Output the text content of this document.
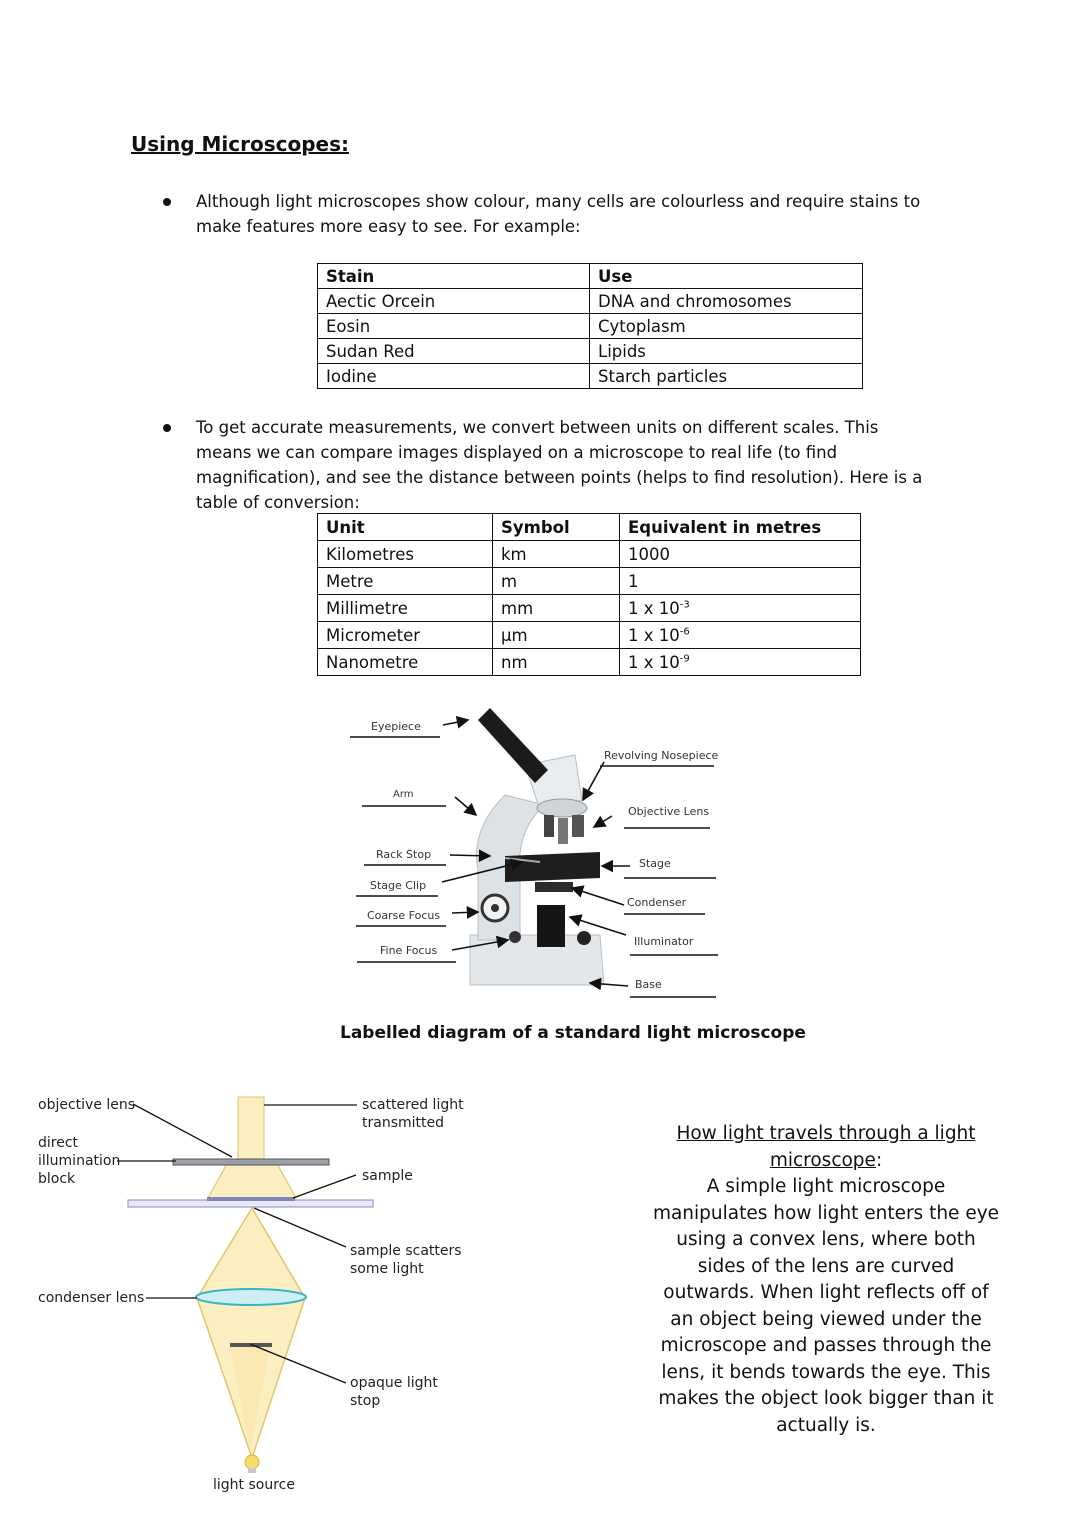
Using Microscopes:
Although light microscopes show colour, many cells are colourless and require stains to make features more easy to see. For example:
Stain	Use
Aectic Orcein	DNA and chromosomes
Eosin	Cytoplasm
Sudan Red	Lipids
Iodine	Starch particles
To get accurate measurements, we convert between units on different scales. This means we can compare images displayed on a microscope to real life (to find magnification), and see the distance between points (helps to find resolution). Here is a table of conversion:
Unit	Symbol	Equivalent in metres
Kilometres	km	1000
Metre	m	1
Millimetre	mm	1 x $10^{-3}$
Micrometer	µm	1 x $10^{-6}$
Nanometre	nm	1 x $10^{-9}$
Eyepiece
Arm
Rack Stop
Stage Clip
Coarse Focus
Fine Focus
Revolving Nosepiece
Objective Lens
Stage
Condenser
Illuminator
Base
Labelled diagram of a standard light microscope
objective lens
direct
illumination
block
condenser lens
light source
scattered light
transmitted
sample
sample scatters
some light
opaque light
stop
How light travels through a light
microscope:
A simple light microscope manipulates how light enters the eye using a convex lens, where both sides of the lens are curved outwards. When light reflects off of an object being viewed under the microscope and passes through the lens, it bends towards the eye. This makes the object look bigger than it actually is.
